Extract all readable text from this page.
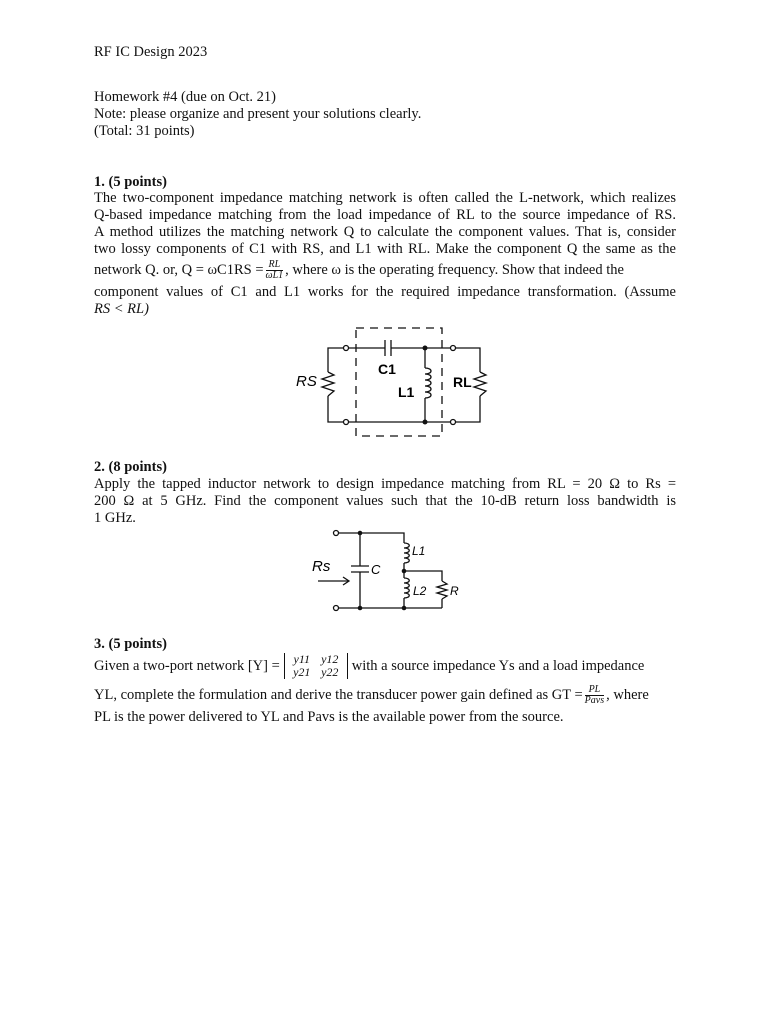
RF IC Design 2023
Homework #4 (due on Oct. 21)
Note: please organize and present your solutions clearly.
(Total: 31 points)
1. (5 points)
The two-component impedance matching network is often called the L-network, which realizes
Q-based impedance matching from the load impedance of RL to the source impedance of RS.
A method utilizes the matching network Q to calculate the component values. That is, consider
two lossy components of C1 with RS, and L1 with RL. Make the component Q the same as the
network Q. or, $Q = \omega C1RS = \frac{RL}{\omega L1}$ , where ω is the operating frequency. Show that indeed the
component values of C1 and L1 works for the required impedance transformation. (Assume
RS < RL)
RS
C1
L1
RL
2. (8 points)
Apply the tapped inductor network to design impedance matching from RL = 20 Ω to Rs =
200 Ω at 5 GHz. Find the component values such that the 10-dB return loss bandwidth is
1 GHz.
Rs	C
L1
L2 R
3. (5 points)
Given a two-port network [Y] =	y11 y12
y21 y22 with a source impedance Ys and a load impedance
YL, complete the formulation and derive the transducer power gain defined as GT = $\frac{PL}{\text{Pavs}}$ , where
PL is the power delivered to YL and Pavs is the available power from the source.
